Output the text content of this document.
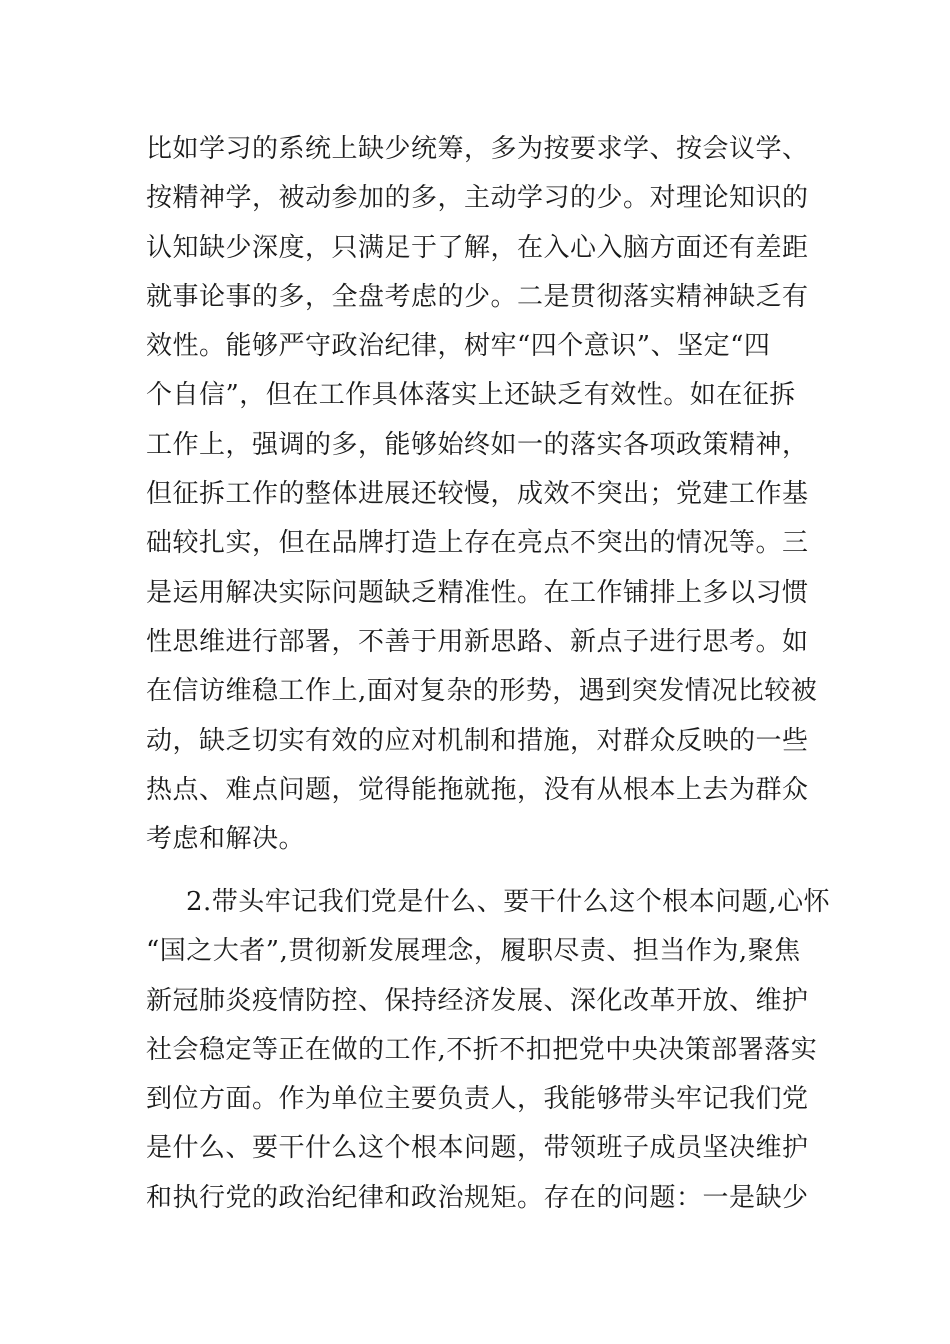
比如学习的系统上缺少统筹，多为按要求学、按会议学、
按精神学，被动参加的多，主动学习的少。对理论知识的
认知缺少深度，只满足于了解，在入心入脑方面还有差距
就事论事的多，全盘考虑的少。二是贯彻落实精神缺乏有
效性。能够严守政治纪律，树牢“四个意识”、坚定“四
个自信”，但在工作具体落实上还缺乏有效性。如在征拆
工作上，强调的多，能够始终如一的落实各项政策精神，
但征拆工作的整体进展还较慢，成效不突出；党建工作基
础较扎实，但在品牌打造上存在亮点不突出的情况等。三
是运用解决实际问题缺乏精准性。在工作铺排上多以习惯
性思维进行部署，不善于用新思路、新点子进行思考。如
在信访维稳工作上,面对复杂的形势，遇到突发情况比较被
动，缺乏切实有效的应对机制和措施，对群众反映的一些
热点、难点问题，觉得能拖就拖，没有从根本上去为群众
考虑和解决。
2.带头牢记我们党是什么、要干什么这个根本问题,心怀
“国之大者”,贯彻新发展理念，履职尽责、担当作为,聚焦
新冠肺炎疫情防控、保持经济发展、深化改革开放、维护
社会稳定等正在做的工作,不折不扣把党中央决策部署落实
到位方面。作为单位主要负责人，我能够带头牢记我们党
是什么、要干什么这个根本问题，带领班子成员坚决维护
和执行党的政治纪律和政治规矩。存在的问题：一是缺少
